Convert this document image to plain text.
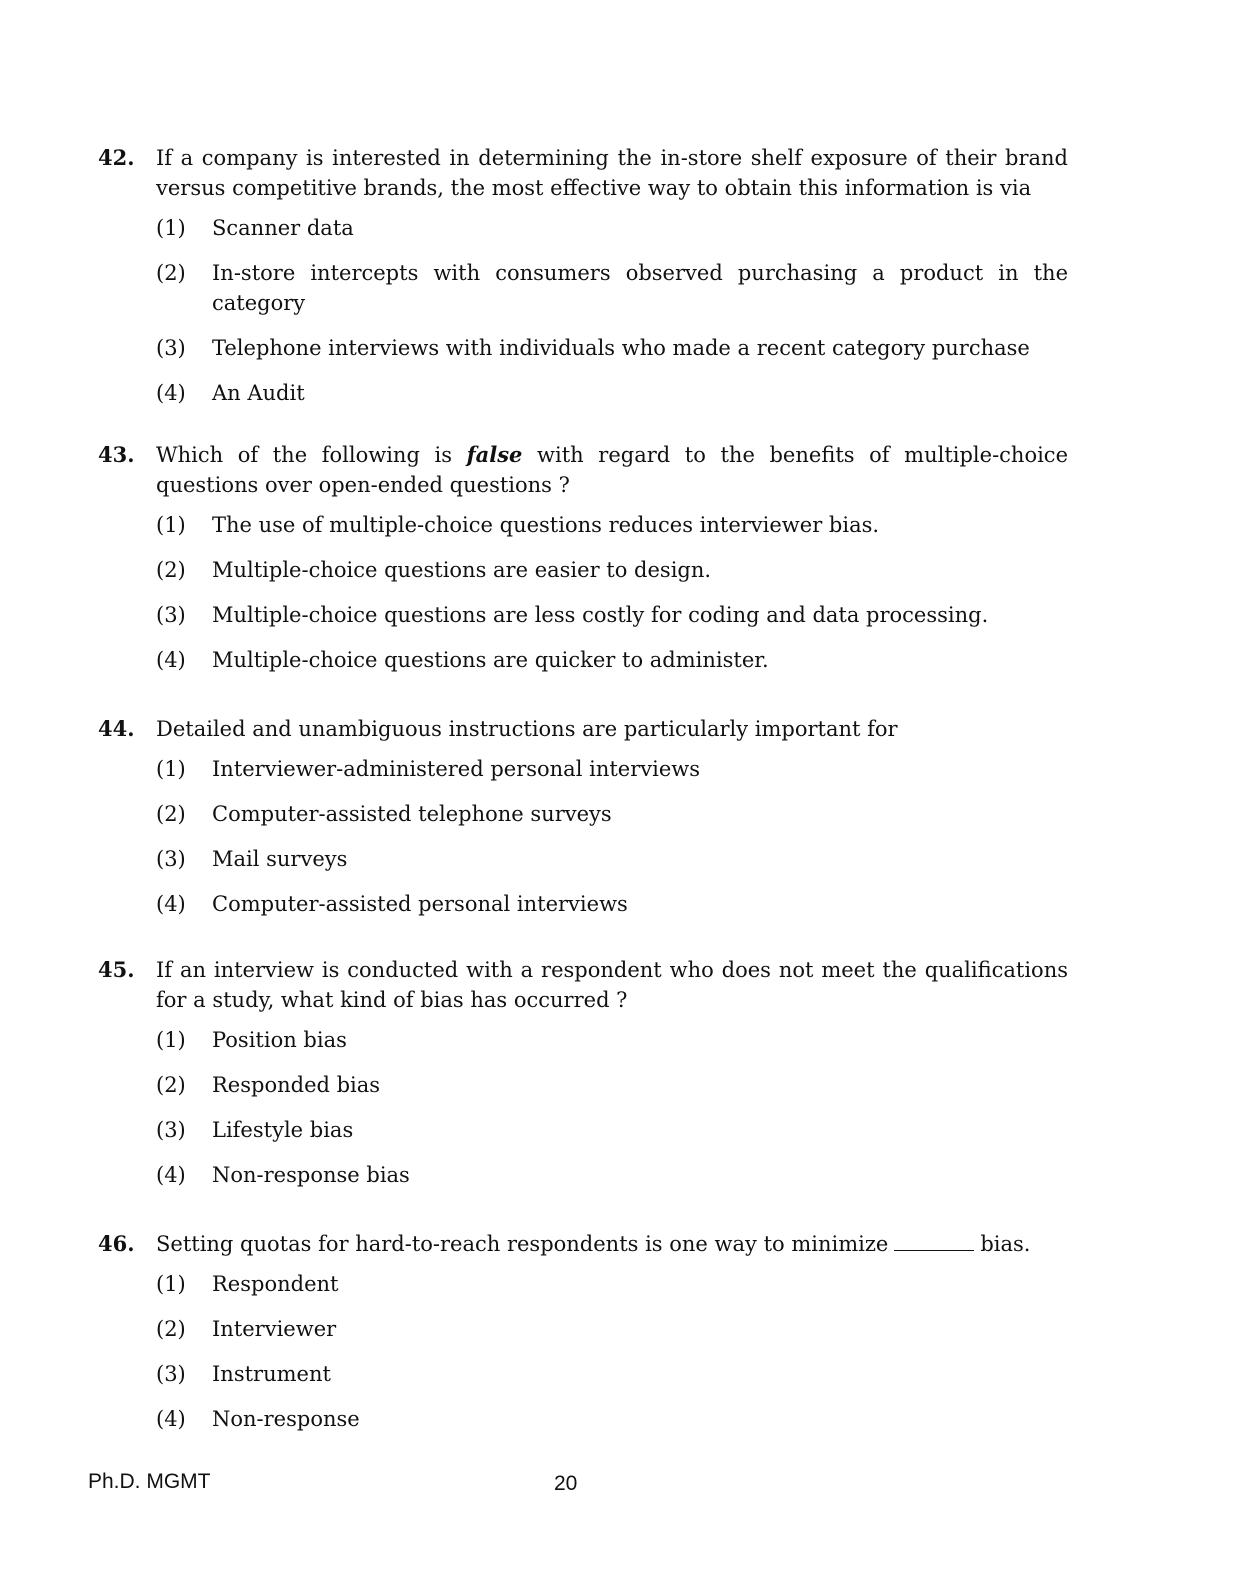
42. If a company is interested in determining the in-store shelf exposure of their brand versus competitive brands, the most effective way to obtain this information is via
(1) Scanner data
(2) In-store intercepts with consumers observed purchasing a product in the category
(3) Telephone interviews with individuals who made a recent category purchase
(4) An Audit
43. Which of the following is false with regard to the benefits of multiple-choice questions over open-ended questions ?
(1) The use of multiple-choice questions reduces interviewer bias.
(2) Multiple-choice questions are easier to design.
(3) Multiple-choice questions are less costly for coding and data processing.
(4) Multiple-choice questions are quicker to administer.
44. Detailed and unambiguous instructions are particularly important for
(1) Interviewer-administered personal interviews
(2) Computer-assisted telephone surveys
(3) Mail surveys
(4) Computer-assisted personal interviews
45. If an interview is conducted with a respondent who does not meet the qualifications for a study, what kind of bias has occurred ?
(1) Position bias
(2) Responded bias
(3) Lifestyle bias
(4) Non-response bias
46. Setting quotas for hard-to-reach respondents is one way to minimize	bias.
(1) Respondent
(2) Interviewer
(3) Instrument
(4) Non-response
Ph.D. MGMT	20
